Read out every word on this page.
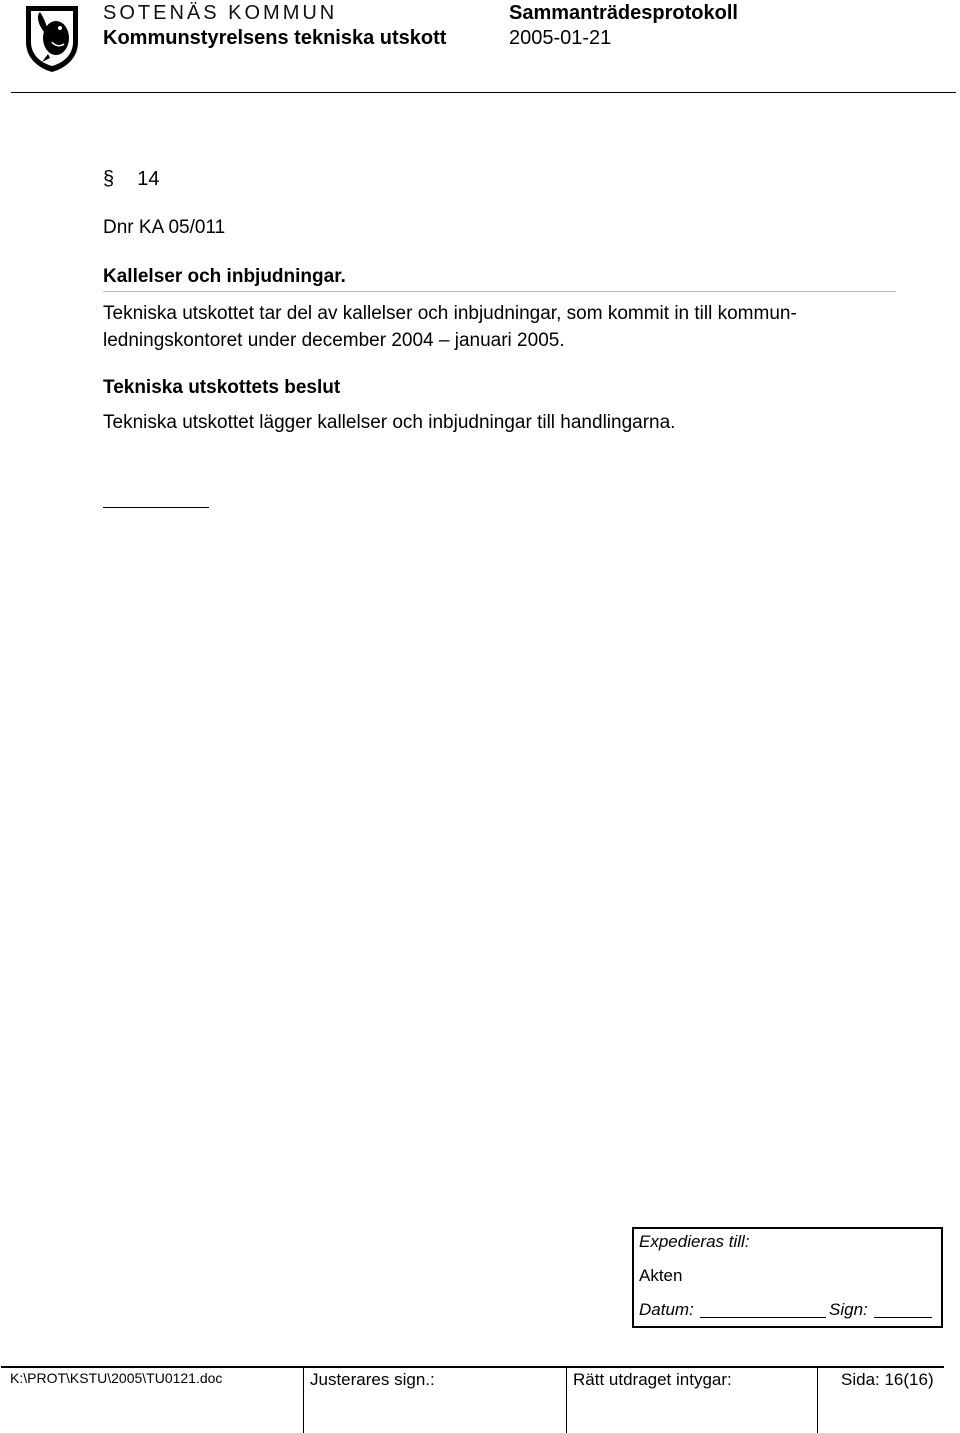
SOTENÄS KOMMUN
Kommunstyrelsens tekniska utskott
Sammanträdesprotokoll
2005-01-21
§ 14
Dnr KA 05/011
Kallelser och inbjudningar.
Tekniska utskottet tar del av kallelser och inbjudningar, som kommit in till kommun-
ledningskontoret under december 2004 – januari 2005.
Tekniska utskottets beslut
Tekniska utskottet lägger kallelser och inbjudningar till handlingarna.
Expedieras till:
Akten
Datum:	Sign:
K:\PROT\KSTU\2005\TU0121.doc	Justerares sign.:	Rätt utdraget intygar:	Sida: 16(16)
